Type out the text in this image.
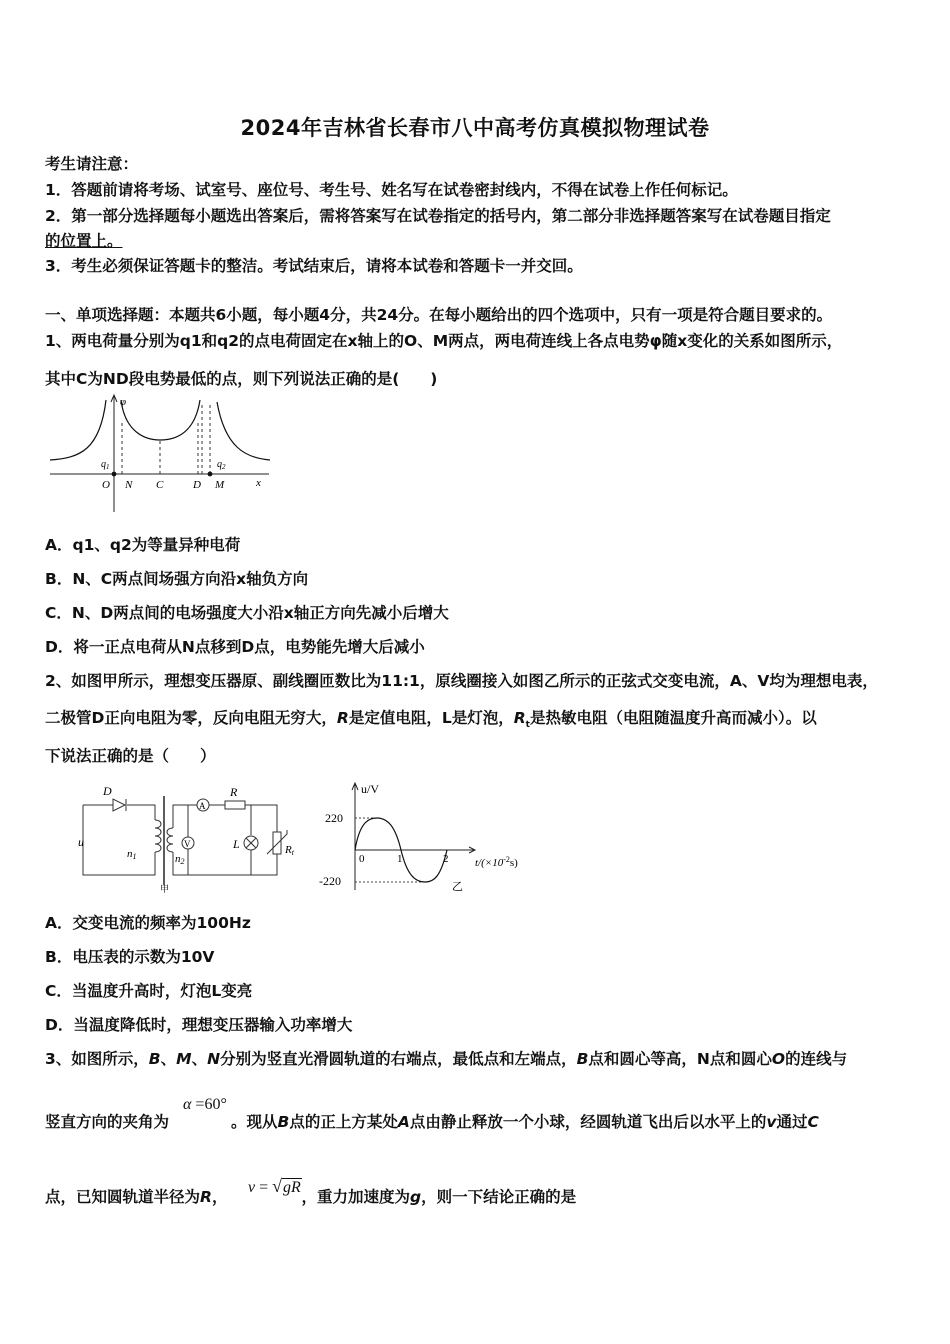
2024年吉林省长春市八中高考仿真模拟物理试卷
考生请注意：
1．答题前请将考场、试室号、座位号、考生号、姓名写在试卷密封线内，不得在试卷上作任何标记。
2．第一部分选择题每小题选出答案后，需将答案写在试卷指定的括号内，第二部分非选择题答案写在试卷题目指定
的位置上。
3．考生必须保证答题卡的整洁。考试结束后，请将本试卷和答题卡一并交回。
一、单项选择题：本题共6小题，每小题4分，共24分。在每小题给出的四个选项中，只有一项是符合题目要求的。
1、两电荷量分别为q1和q2的点电荷固定在x轴上的O、M两点，两电荷连线上各点电势φ随x变化的关系如图所示，
其中C为ND段电势最低的点，则下列说法正确的是(　　)
φ
$q_1$	$q_2$
O N C	D M	x
A．q1、q2为等量异种电荷
B．N、C两点间场强方向沿x轴负方向
C．N、D两点间的电场强度大小沿x轴正方向先减小后增大
D．将一正点电荷从N点移到D点，电势能先增大后减小
2、如图甲所示，理想变压器原、副线圈匝数比为11:1，原线圈接入如图乙所示的正弦式交变电流，A、V均为理想电表，
二极管D正向电阻为零，反向电阻无穷大，R是定值电阻，L是灯泡，$R_t$是热敏电阻（电阻随温度升高而减小）。以
下说法正确的是（　　）
D
u
n1	n2
A
V
R
L	Rt
甲
u/V
220
-220
0	1	2 $t/(\times 10^{-2}s)$
乙
A．交变电流的频率为100Hz
B．电压表的示数为10V
C．当温度升高时，灯泡L变亮
D．当温度降低时，理想变压器输入功率增大
3、如图所示，B、M、N分别为竖直光滑圆轨道的右端点，最低点和左端点，B点和圆心等高，N点和圆心O的连线与
α =60°
竖直方向的夹角为	。现从B点的正上方某处A点由静止释放一个小球，经圆轨道飞出后以水平上的v通过C
v = √gR
点，已知圆轨道半径为R，	，重力加速度为g，则一下结论正确的是
